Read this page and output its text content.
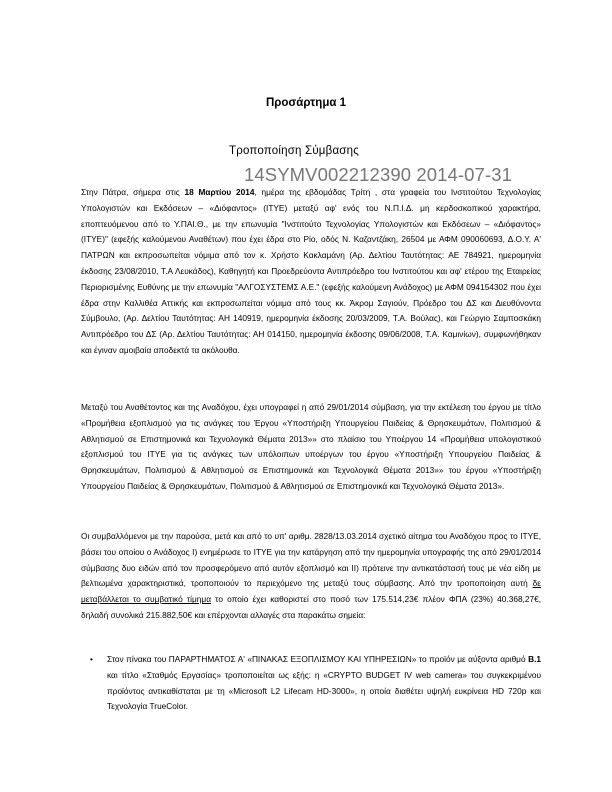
Προσάρτημα 1
Τροποποίηση Σύμβασης
14SYMV002212390 2014-07-31

Στην Πάτρα, σήμερα στις 18 Μαρτίου 2014, ημέρα της εβδομάδας Τρίτη , στα γραφεία του Ινστιτούτου Τεχνολογίας Υπολογιστών και Εκδόσεων – «Διόφαντος» (ΙΤΥΕ) μεταξύ αφ' ενός του Ν.Π.Ι.Δ. μη κερδοσκοπικού χαρακτήρα, εποπτευόμενου από το Υ.ΠΑΙ.Θ., με την επωνυμία "Ινστιτούτο Τεχνολογίας Υπολογιστών και Εκδόσεων – «Διόφαντος» (ΙΤΥΕ)" (εφεξής καλούμενου Αναθέτων) που έχει έδρα στο Ρίο, οδός Ν. Καζαντζάκη, 26504 με ΑΦΜ 090060693, Δ.Ο.Υ. Α' ΠΑΤΡΩΝ και εκπροσωπείται νόμιμα από τον κ. Χρήστο Κακλαμάνη (Αρ. Δελτίου Ταυτότητας: ΑΕ 784921, ημερομηνία έκδοσης 23/08/2010, Τ.Α Λευκάδος), Καθηγητή και Προεδρεύοντα Αντιπρόεδρο του Ινστιτούτου και αφ' ετέρου της Εταιρείας Περιορισμένης Ευθύνης με την επωνυμία "ΑΛΓΟΣΥΣΤΕΜΣ Α.Ε." (εφεξής καλούμενη Ανάδοχος) με ΑΦΜ 094154302 που έχει έδρα στην Καλλιθέα Αττικής και εκπροσωπείται νόμιμα από τους κκ. Άκρομ Σαγιούν, Πρόεδρο του ΔΣ και Διευθύνοντα Σύμβουλο, (Αρ. Δελτίου Ταυτότητας: ΑΗ 140919, ημερομηνία έκδοσης 20/03/2009, Τ.Α. Βούλας), και Γεώργιο Σαμποσκάκη Αντιπρόεδρο του ΔΣ (Αρ. Δελτίου Ταυτότητας: ΑΗ 014150, ημερομηνία έκδοσης 09/06/2008, Τ.Α. Καμινίων), συμφωνήθηκαν και έγιναν αμοιβαία αποδεκτά τα ακόλουθα.

Μεταξύ του Αναθέτοντος και της Αναδόχου, έχει υπογραφεί η από 29/01/2014 σύμβαση, για την εκτέλεση του έργου με τίτλο «Προμήθεια εξοπλισμού για τις ανάγκες του Έργου «Υποστήριξη Υπουργείου Παιδείας & Θρησκευμάτων, Πολιτισμού & Αθλητισμού σε Επιστημονικά και Τεχνολογικά Θέματα 2013»» στο πλαίσιο του Υποέργου 14 «Προμήθεια υπολογιστικού εξοπλισμού του ΙΤΥΕ για τις ανάγκες των υπόλοιπων υποέργων του έργου «Υποστήριξη Υπουργείου Παιδείας & Θρησκευμάτων, Πολιτισμού & Αθλητισμού σε Επιστημονικά και Τεχνολογικά Θέματα 2013»» του έργου «Υποστήριξη Υπουργείου Παιδείας & Θρησκευμάτων, Πολιτισμού & Αθλητισμού σε Επιστημονικά και Τεχνολογικά Θέματα 2013».

Οι συμβαλλόμενοι με την παρούσα, μετά και από το υπ' αριθμ. 2828/13.03.2014 σχετικό αίτημα του Αναδόχου προς το ΙΤΥΕ, βάσει του οποίου ο Ανάδοχος Ι) ενημέρωσε το ΙΤΥΕ για την κατάργηση από την ημερομηνία υπογραφής της από 29/01/2014 σύμβασης δυο ειδών από τον προσφερόμενο από αυτόν εξοπλισμό και ΙΙ) πρότεινε την αντικατάστασή τους με νέα είδη με βελτιωμένα χαρακτηριστικά, τροποποιούν το περιεχόμενο της μεταξύ τους σύμβασης. Από την τροποποίηση αυτή δε μεταβάλλεται το συμβατικό τίμημα το οποίο έχει καθοριστεί στο ποσό των 175.514,23€ πλέον ΦΠΑ (23%) 40.368,27€, δηλαδή συνολικά 215.882,50€ και επέρχονται αλλαγές στα παρακάτω σημεία:

• Στον πίνακα του ΠΑΡΑΡΤΗΜΑΤΟΣ Α' «ΠΙΝΑΚΑΣ ΕΞΟΠΛΙΣΜΟΥ ΚΑΙ ΥΠΗΡΕΣΙΩΝ» το προϊόν με αύξοντα αριθμό Β.1 και τίτλο «Σταθμός Εργασίας» τροποποιείται ως εξής: η «CRYPTO BUDGET IV web camera» του συγκεκριμένου προϊόντος αντικαθίσταται με τη «Microsoft L2 Lifecam HD-3000», η οποία διαθέτει υψηλή ευκρίνεια HD 720p και Τεχνολογία TrueColor.
